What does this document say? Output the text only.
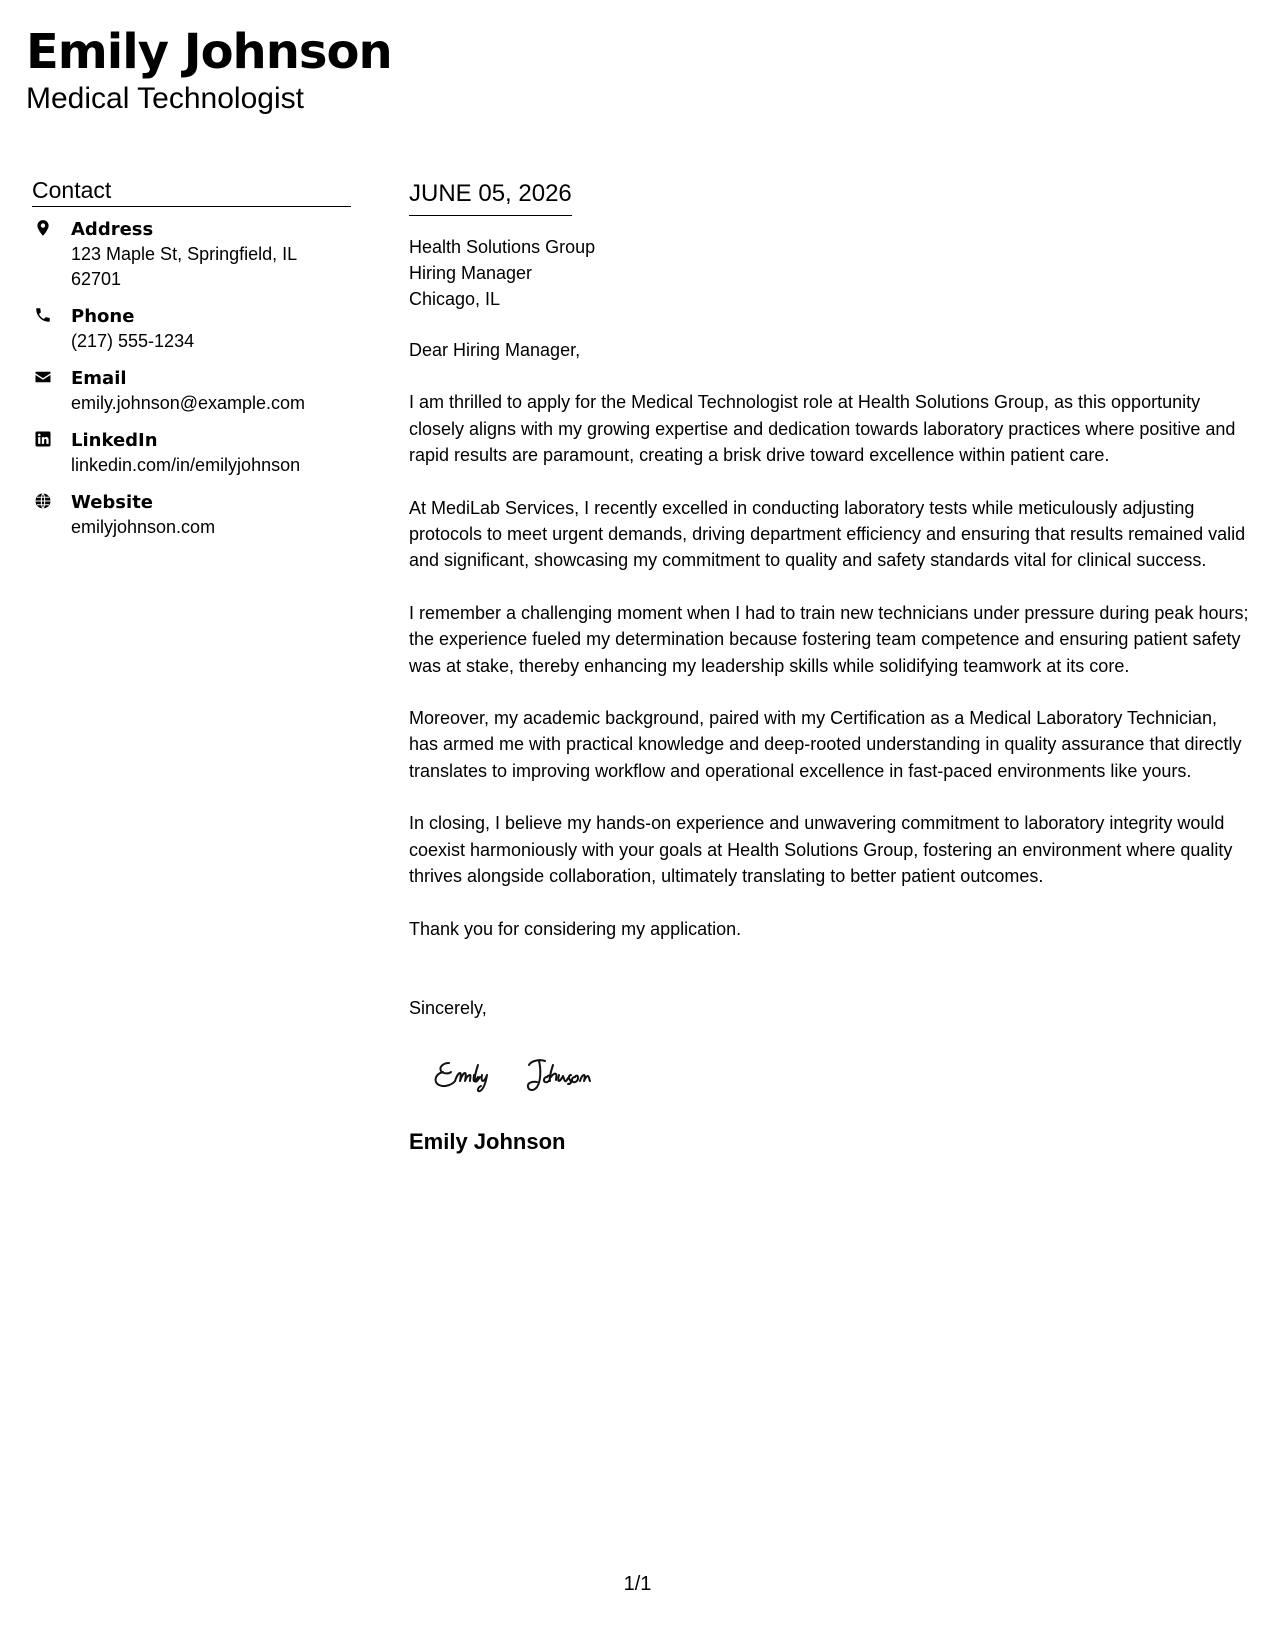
Emily Johnson
Medical Technologist
Contact
Address
123 Maple St, Springfield, IL 62701
Phone
(217) 555-1234
Email
emily.johnson@example.com
LinkedIn
linkedin.com/in/emilyjohnson
Website
emilyjohnson.com
JUNE 05, 2026
Health Solutions Group
Hiring Manager
Chicago, IL

Dear Hiring Manager,

I am thrilled to apply for the Medical Technologist role at Health Solutions Group, as this opportunity closely aligns with my growing expertise and dedication towards laboratory practices where positive and rapid results are paramount, creating a brisk drive toward excellence within patient care.

At MediLab Services, I recently excelled in conducting laboratory tests while meticulously adjusting protocols to meet urgent demands, driving department efficiency and ensuring that results remained valid and significant, showcasing my commitment to quality and safety standards vital for clinical success.

I remember a challenging moment when I had to train new technicians under pressure during peak hours; the experience fueled my determination because fostering team competence and ensuring patient safety was at stake, thereby enhancing my leadership skills while solidifying teamwork at its core.

Moreover, my academic background, paired with my Certification as a Medical Laboratory Technician, has armed me with practical knowledge and deep-rooted understanding in quality assurance that directly translates to improving workflow and operational excellence in fast-paced environments like yours.

In closing, I believe my hands-on experience and unwavering commitment to laboratory integrity would coexist harmoniously with your goals at Health Solutions Group, fostering an environment where quality thrives alongside collaboration, ultimately translating to better patient outcomes.

Thank you for considering my application.

Sincerely,

Emily Johnson
1/1
